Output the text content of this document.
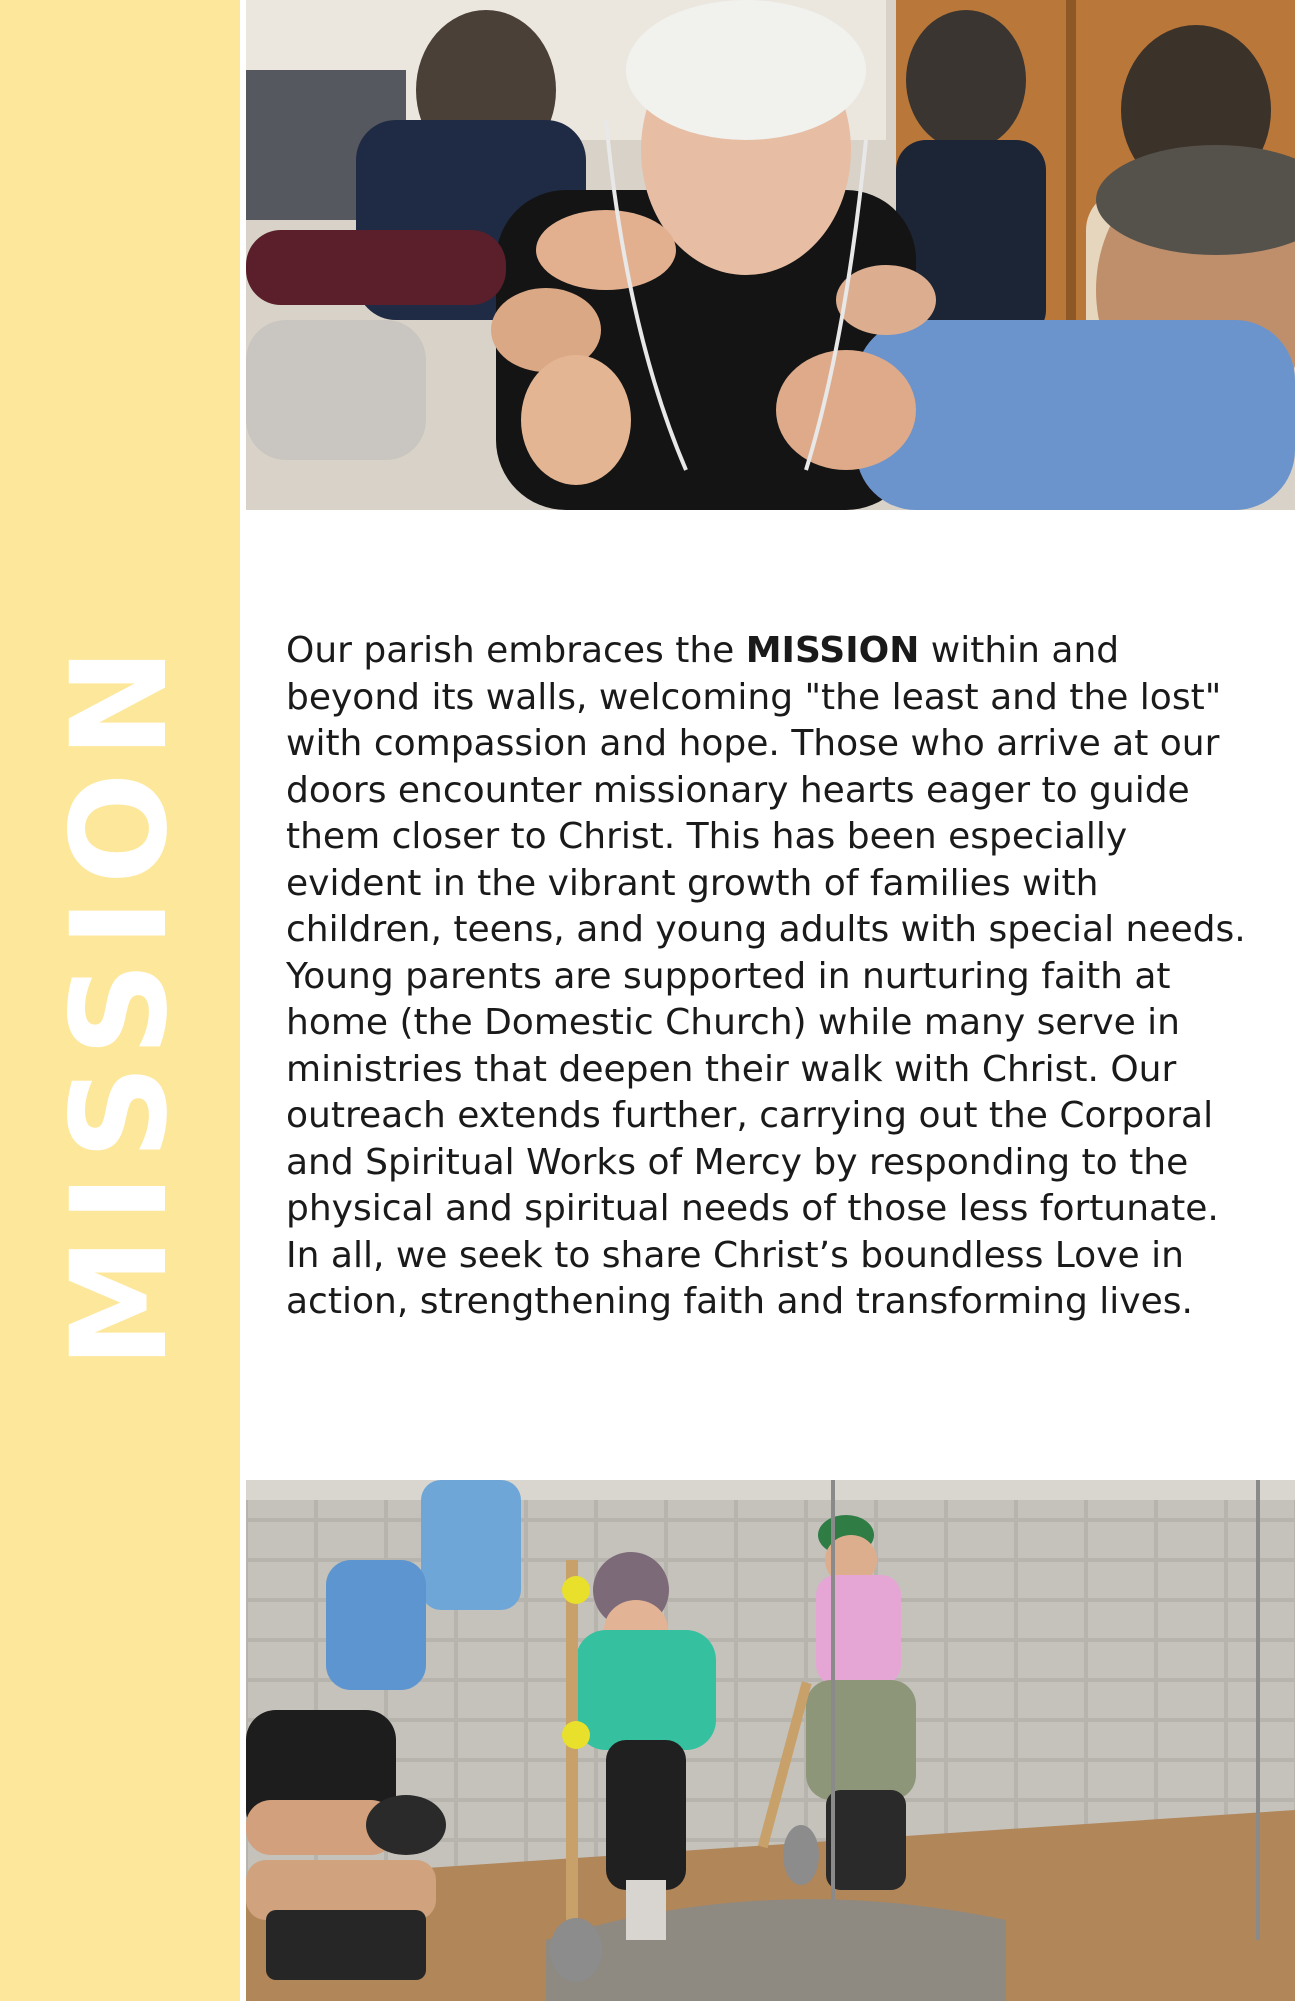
MISSION Our parish embraces the MISSION within and beyond its walls, welcoming "the least and the lost" with compassion and hope. Those who arrive at our doors encounter missionary hearts eager to guide them closer to Christ. This has been especially evident in the vibrant growth of families with children, teens, and young adults with special needs. Young parents are supported in nurturing faith at home (the Domestic Church) while many serve in ministries that deepen their walk with Christ. Our outreach extends further, carrying out the Corporal and Spiritual Works of Mercy by responding to the physical and spiritual needs of those less fortunate. In all, we seek to share Christ’s boundless Love in action, strengthening faith and transforming lives.
